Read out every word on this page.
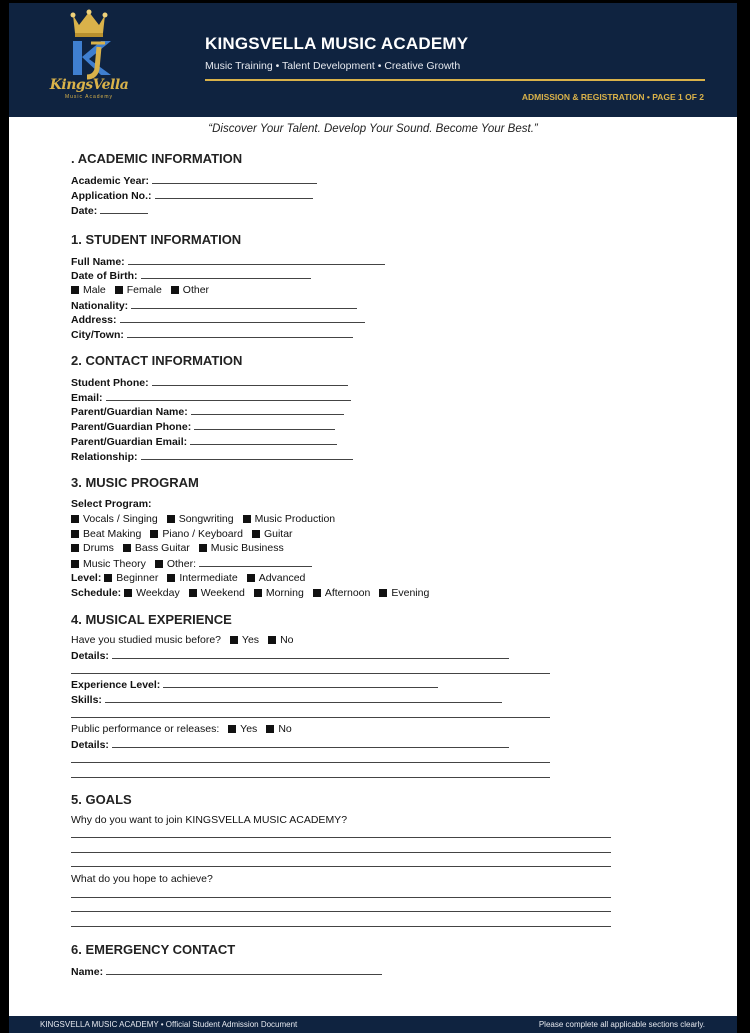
KingsVella
Music Academy
KINGSVELLA MUSIC ACADEMY
Music Training • Talent Development • Creative Growth
ADMISSION & REGISTRATION • PAGE 1 OF 2
“Discover Your Talent. Develop Your Sound. Become Your Best.”
. ACADEMIC INFORMATION
Academic Year:
Application No.:
Date:
1. STUDENT INFORMATION
Full Name:
Date of Birth:
Male Female Other
Nationality:
Address:
City/Town:
2. CONTACT INFORMATION
Student Phone:
Email:
Parent/Guardian Name:
Parent/Guardian Phone:
Parent/Guardian Email:
Relationship:
3. MUSIC PROGRAM
Select Program:
Vocals / Singing Songwriting Music Production
Beat Making Piano / Keyboard Guitar
Drums Bass Guitar Music Business
Music Theory Other:
Level: Beginner Intermediate Advanced
Schedule: Weekday Weekend Morning Afternoon Evening
4. MUSICAL EXPERIENCE
Have you studied music before? Yes No
Details:
Experience Level:
Skills:
Public performance or releases: Yes No
Details:
5. GOALS
Why do you want to join KINGSVELLA MUSIC ACADEMY?
What do you hope to achieve?
6. EMERGENCY CONTACT
Name:
KINGSVELLA MUSIC ACADEMY • Official Student Admission Document	Please complete all applicable sections clearly.
